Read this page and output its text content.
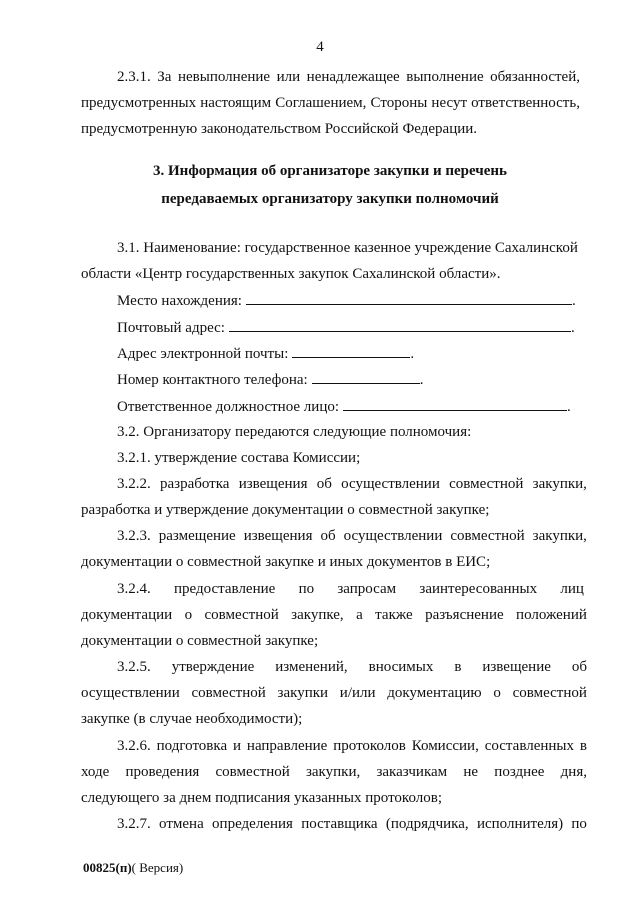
4
2.3.1. За невыполнение или ненадлежащее выполнение обязанностей,
предусмотренных настоящим Соглашением, Стороны несут ответственность,
предусмотренную законодательством Российской Федерации.
3. Информация об организаторе закупки и перечень
передаваемых организатору закупки полномочий
3.1. Наименование: государственное казенное учреждение Сахалинской
области «Центр государственных закупок Сахалинской области».
Место нахождения:	.
Почтовый адрес:	.
Адрес электронной почты:	.
Номер контактного телефона:	.
Ответственное должностное лицо:	.
3.2. Организатору передаются следующие полномочия:
3.2.1. утверждение состава Комиссии;
3.2.2. разработка извещения об осуществлении совместной закупки,
разработка и утверждение документации о совместной закупке;
3.2.3. размещение извещения об осуществлении совместной закупки,
документации о совместной закупке и иных документов в ЕИС;
3.2.4. предоставление по запросам заинтересованных лиц
документации о совместной закупке, а также разъяснение положений
документации о совместной закупке;
3.2.5. утверждение изменений, вносимых в извещение об
осуществлении совместной закупки и/или документацию о совместной
закупке (в случае необходимости);
3.2.6. подготовка и направление протоколов Комиссии, составленных в
ходе проведения совместной закупки, заказчикам не позднее дня,
следующего за днем подписания указанных протоколов;
3.2.7. отмена определения поставщика (подрядчика, исполнителя) по
00825(п)( Версия)
